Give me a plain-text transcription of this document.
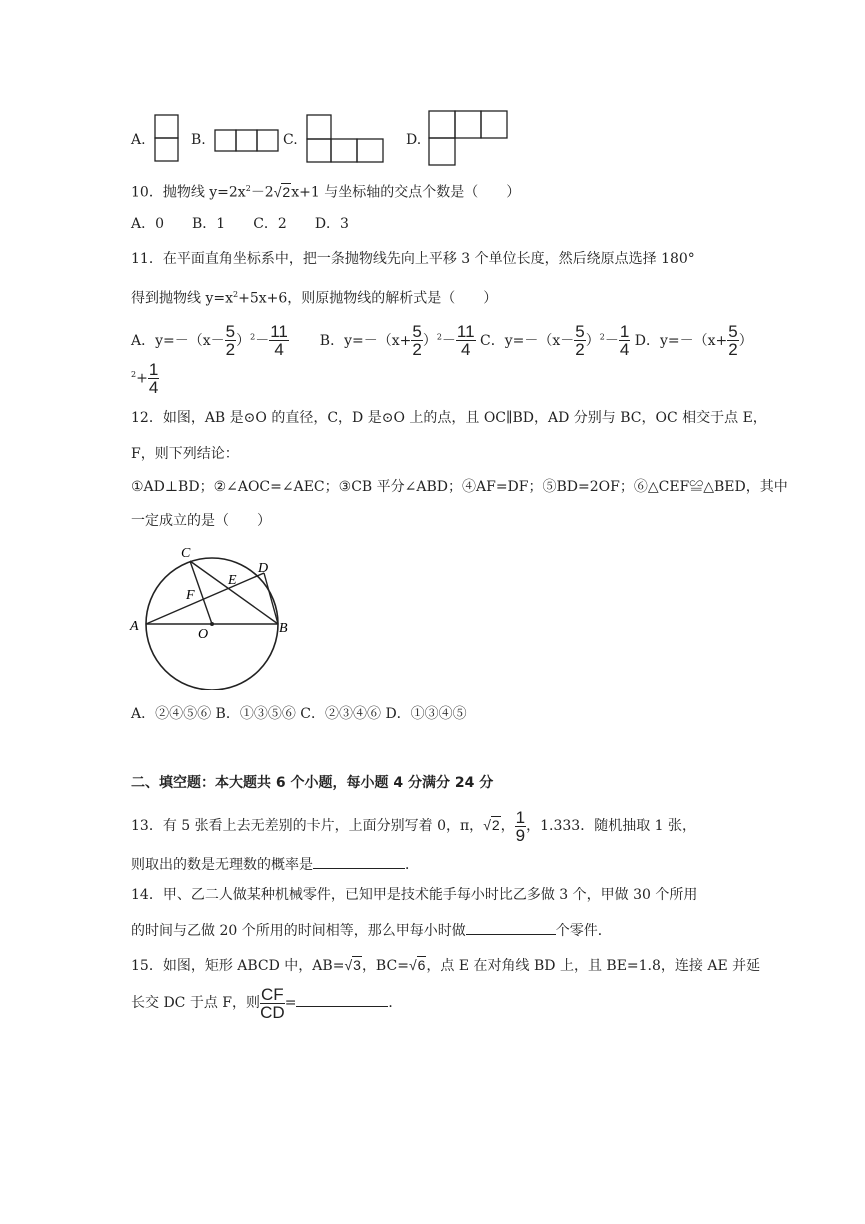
A.	B.	C.	D.
10．抛物线 $y=2x^2-2√2x+1$ 与坐标轴的交点个数是（　　）
A．0　　B．1　　C．2　　D．3
11．在平面直角坐标系中，把一条抛物线先向上平移 3 个单位长度，然后绕原点选择 180°
得到抛物线 $y=x^2+5x+6$，则原抛物线的解析式是（　　）
A．$y=-(x- \frac{5}{2} )^2- \frac{11}{4}$ B．$y=-(x+ \frac{5}{2} )^2- \frac{11}{4}$ C．$y=-(x- \frac{5}{2} )^2- \frac{1}{4}$ D．$y=-(x+ \frac{5}{2}$ ）
$^2+ \frac{1}{4}$
12．如图，AB 是⊙O 的直径，C，D 是⊙O 上的点，且 OC∥BD，AD 分别与 BC，OC 相交于点 E，
F，则下列结论：
①AD⊥BD；②∠AOC=∠AEC；③CB 平分∠ABD；④AF=DF；⑤BD=2OF；⑥△CEF≌△BED，其中
一定成立的是（　　）
A	B
C
D
E
F
O
A．②④⑤⑥ B．①③⑤⑥ C．②③④⑥ D．①③④⑤
二、填空题：本大题共 6 个小题，每小题 4 分满分 24 分
13．有 5 张看上去无差别的卡片，上面分别写着 0，π，√2， $\frac{1}{9}$ ，1.333．随机抽取 1 张，
则取出的数是无理数的概率是	．
14．甲、乙二人做某种机械零件，已知甲是技术能手每小时比乙多做 3 个，甲做 30 个所用
的时间与乙做 20 个所用的时间相等，那么甲每小时做	个零件．
15．如图，矩形 ABCD 中，AB=√3，BC=√6，点 E 在对角线 BD 上，且 BE=1.8，连接 AE 并延
长交 DC 于点 F，则 $\frac{CF}{CD}$ =	．
